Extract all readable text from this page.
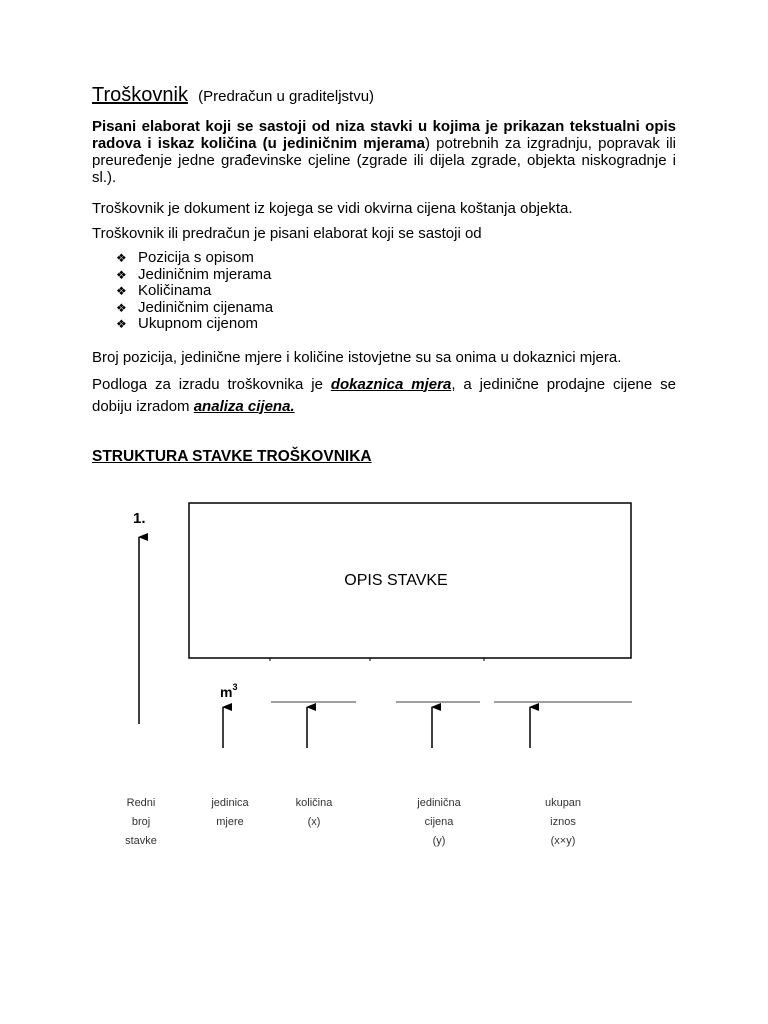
Troškovnik (Predračun u graditeljstvu)

Pisani elaborat koji se sastoji od niza stavki u kojima je prikazan tekstualni opis radova i iskaz količina (u jediničnim mjerama) potrebnih za izgradnju, popravak ili preuređenje jedne građevinske cjeline (zgrade ili dijela zgrade, objekta niskogradnje i sl.).

Troškovnik je dokument iz kojega se vidi okvirna cijena koštanja objekta.

Troškovnik ili predračun je pisani elaborat koji se sastoji od

❖ Pozicija s opisom
❖ Jediničnim mjerama
❖ Količinama
❖ Jediničnim cijenama
❖ Ukupnom cijenom

Broj pozicija, jedinične mjere i količine istovjetne su sa onima u dokaznici mjera.

Podloga za izradu troškovnika je dokaznica mjera, a jedinične prodajne cijene se dobiju izradom analiza cijena.

STRUKTURA STAVKE TROŠKOVNIKA
1.
OPIS STAVKE
$m^3$
Redni
broj
stavke
jedinica
mjere
količina
(x)
jedinična
cijena
(y)
ukupan
iznos
(x×y)
